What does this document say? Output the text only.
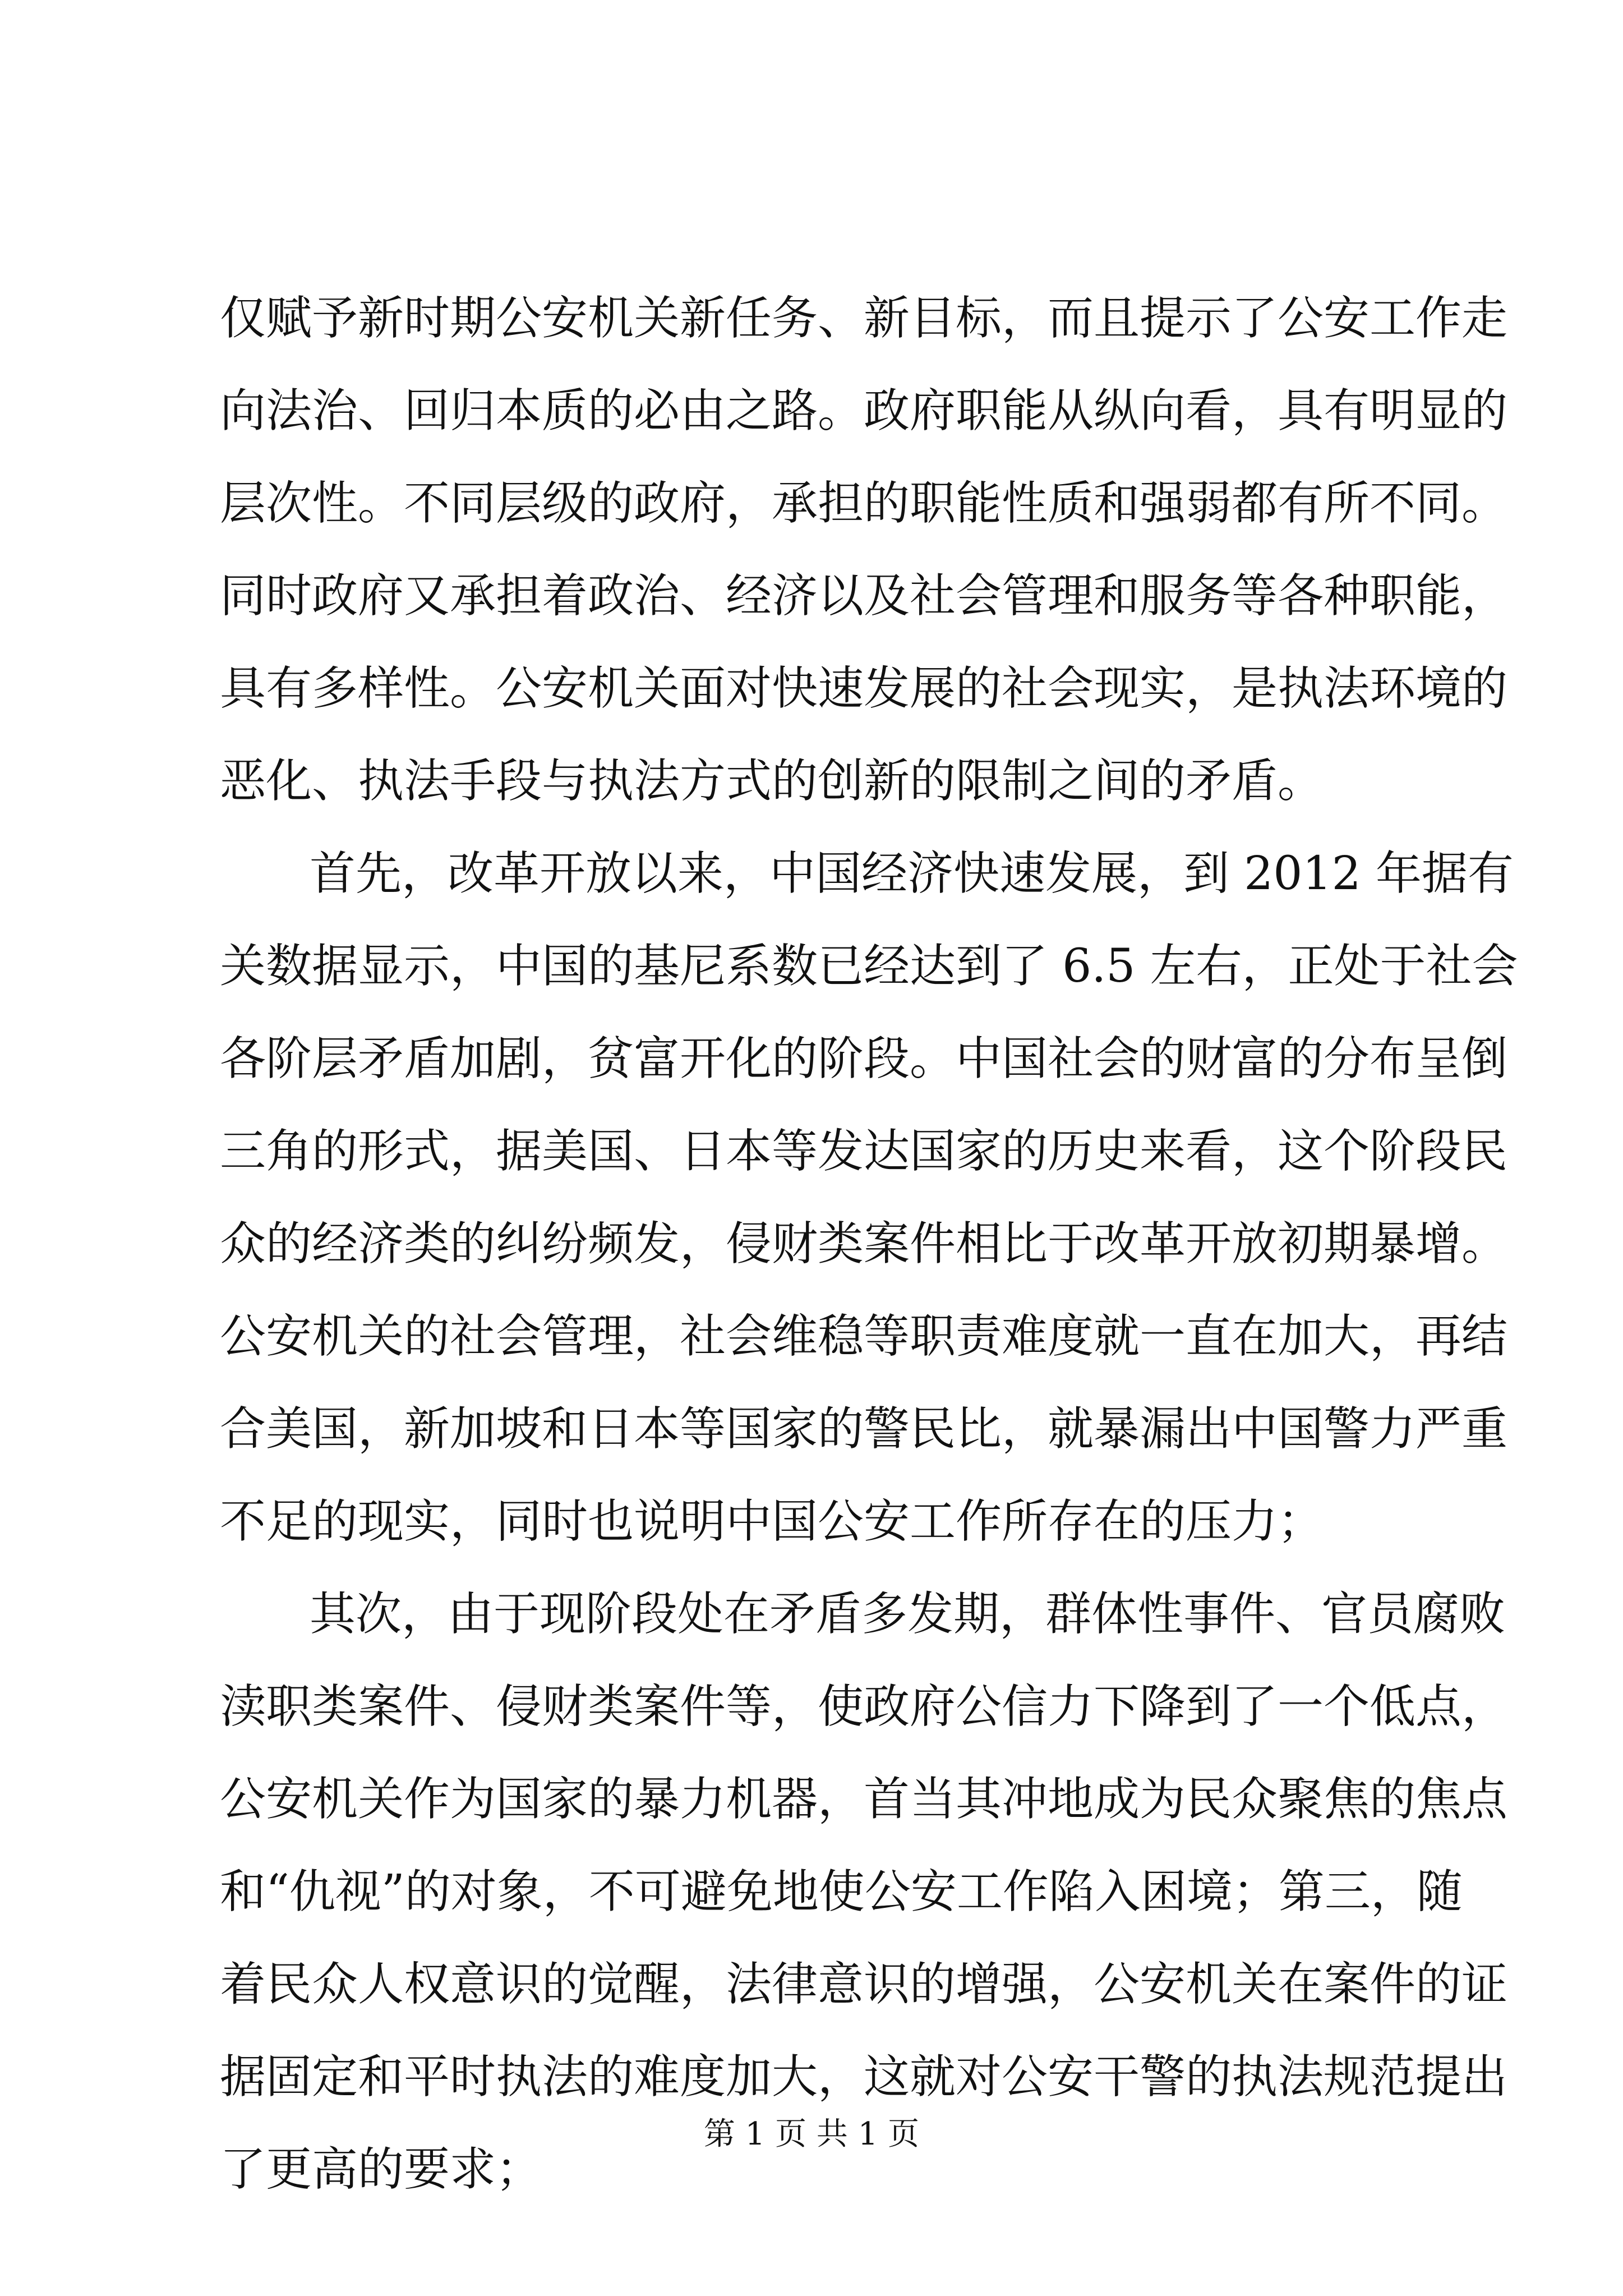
仅赋予新时期公安机关新任务、新目标，而且提示了公安工作走
向法治、回归本质的必由之路。政府职能从纵向看，具有明显的
层次性。不同层级的政府，承担的职能性质和强弱都有所不同。
同时政府又承担着政治、经济以及社会管理和服务等各种职能，
具有多样性。公安机关面对快速发展的社会现实，是执法环境的
恶化、执法手段与执法方式的创新的限制之间的矛盾。
首先，改革开放以来，中国经济快速发展，到 2012 年据有
关数据显示，中国的基尼系数已经达到了 6.5 左右，正处于社会
各阶层矛盾加剧，贫富开化的阶段。中国社会的财富的分布呈倒
三角的形式，据美国、日本等发达国家的历史来看，这个阶段民
众的经济类的纠纷频发，侵财类案件相比于改革开放初期暴增。
公安机关的社会管理，社会维稳等职责难度就一直在加大，再结
合美国，新加坡和日本等国家的警民比，就暴漏出中国警力严重
不足的现实，同时也说明中国公安工作所存在的压力；
其次，由于现阶段处在矛盾多发期，群体性事件、官员腐败
渎职类案件、侵财类案件等，使政府公信力下降到了一个低点，
公安机关作为国家的暴力机器，首当其冲地成为民众聚焦的焦点
和“仇视”的对象，不可避免地使公安工作陷入困境；第三，随
着民众人权意识的觉醒，法律意识的增强，公安机关在案件的证
据固定和平时执法的难度加大，这就对公安干警的执法规范提出
了更高的要求；
第 1 页 共 1 页
